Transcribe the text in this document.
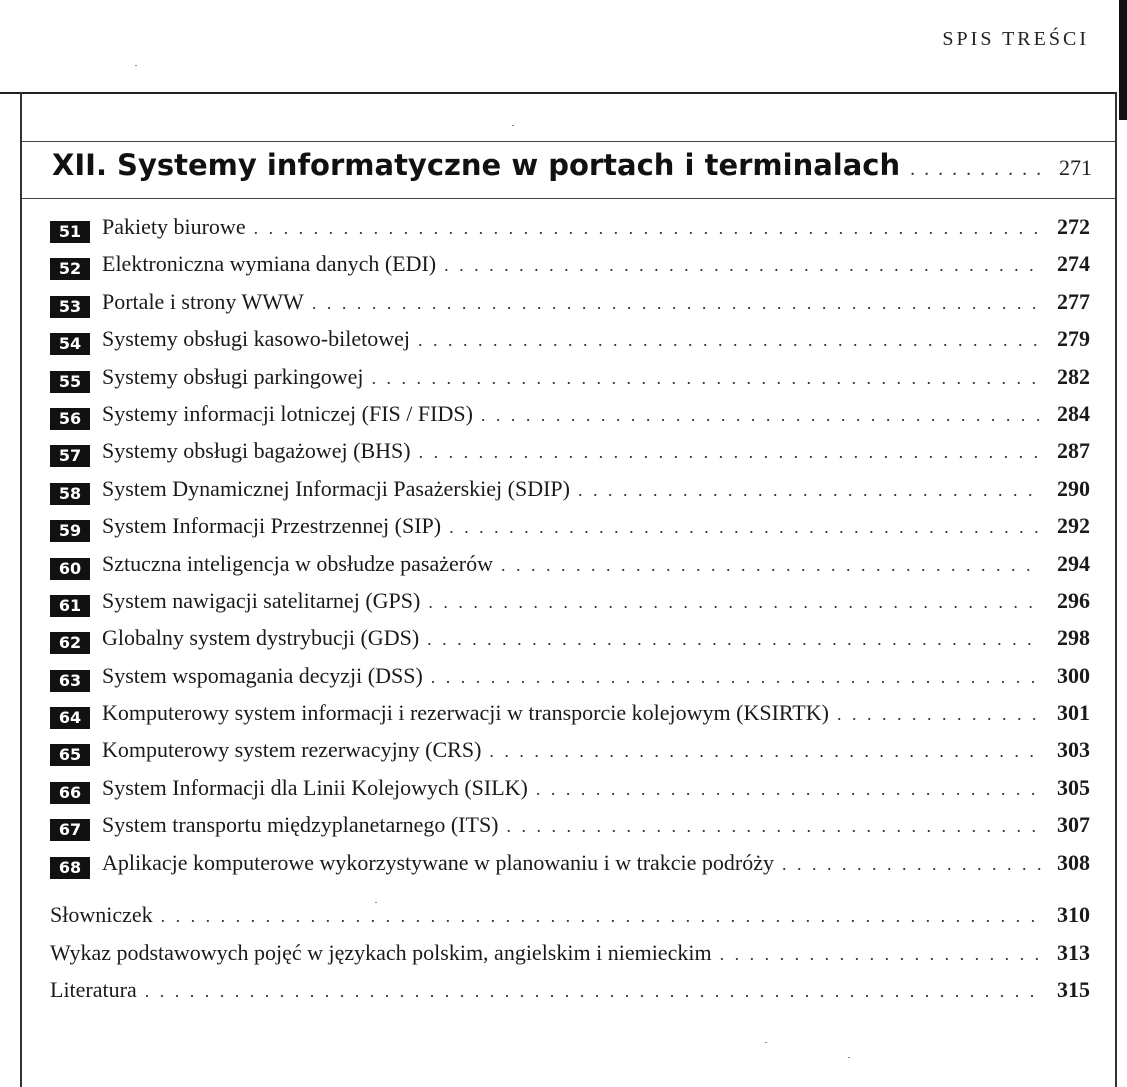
SPIS TREŚCI
XII. Systemy informatyczne w portach i terminalach . . .	271
51 Pakiety biurowe . . .	272
52 Elektroniczna wymiana danych (EDI) . . .	274
53 Portale i strony WWW . . .	277
54 Systemy obsługi kasowo-biletowej . . .	279
55 Systemy obsługi parkingowej . . .	282
56 Systemy informacji lotniczej (FIS / FIDS) . . .	284
57 Systemy obsługi bagażowej (BHS) . . .	287
58 System Dynamicznej Informacji Pasażerskiej (SDIP) . . .	290
59 System Informacji Przestrzennej (SIP) . . .	292
60 Sztuczna inteligencja w obsłudze pasażerów . . .	294
61 System nawigacji satelitarnej (GPS) . . .	296
62 Globalny system dystrybucji (GDS) . . .	298
63 System wspomagania decyzji (DSS) . . .	300
64 Komputerowy system informacji i rezerwacji w transporcie kolejowym (KSIRTK) . . .	301
65 Komputerowy system rezerwacyjny (CRS) . . .	303
66 System Informacji dla Linii Kolejowych (SILK) . . .	305
67 System transportu międzyplanetarnego (ITS) . . .	307
68 Aplikacje komputerowe wykorzystywane w planowaniu i w trakcie podróży . . .	308
Słowniczek . . .	310
Wykaz podstawowych pojęć w językach polskim, angielskim i niemieckim . . .	313
Literatura . . .	315
